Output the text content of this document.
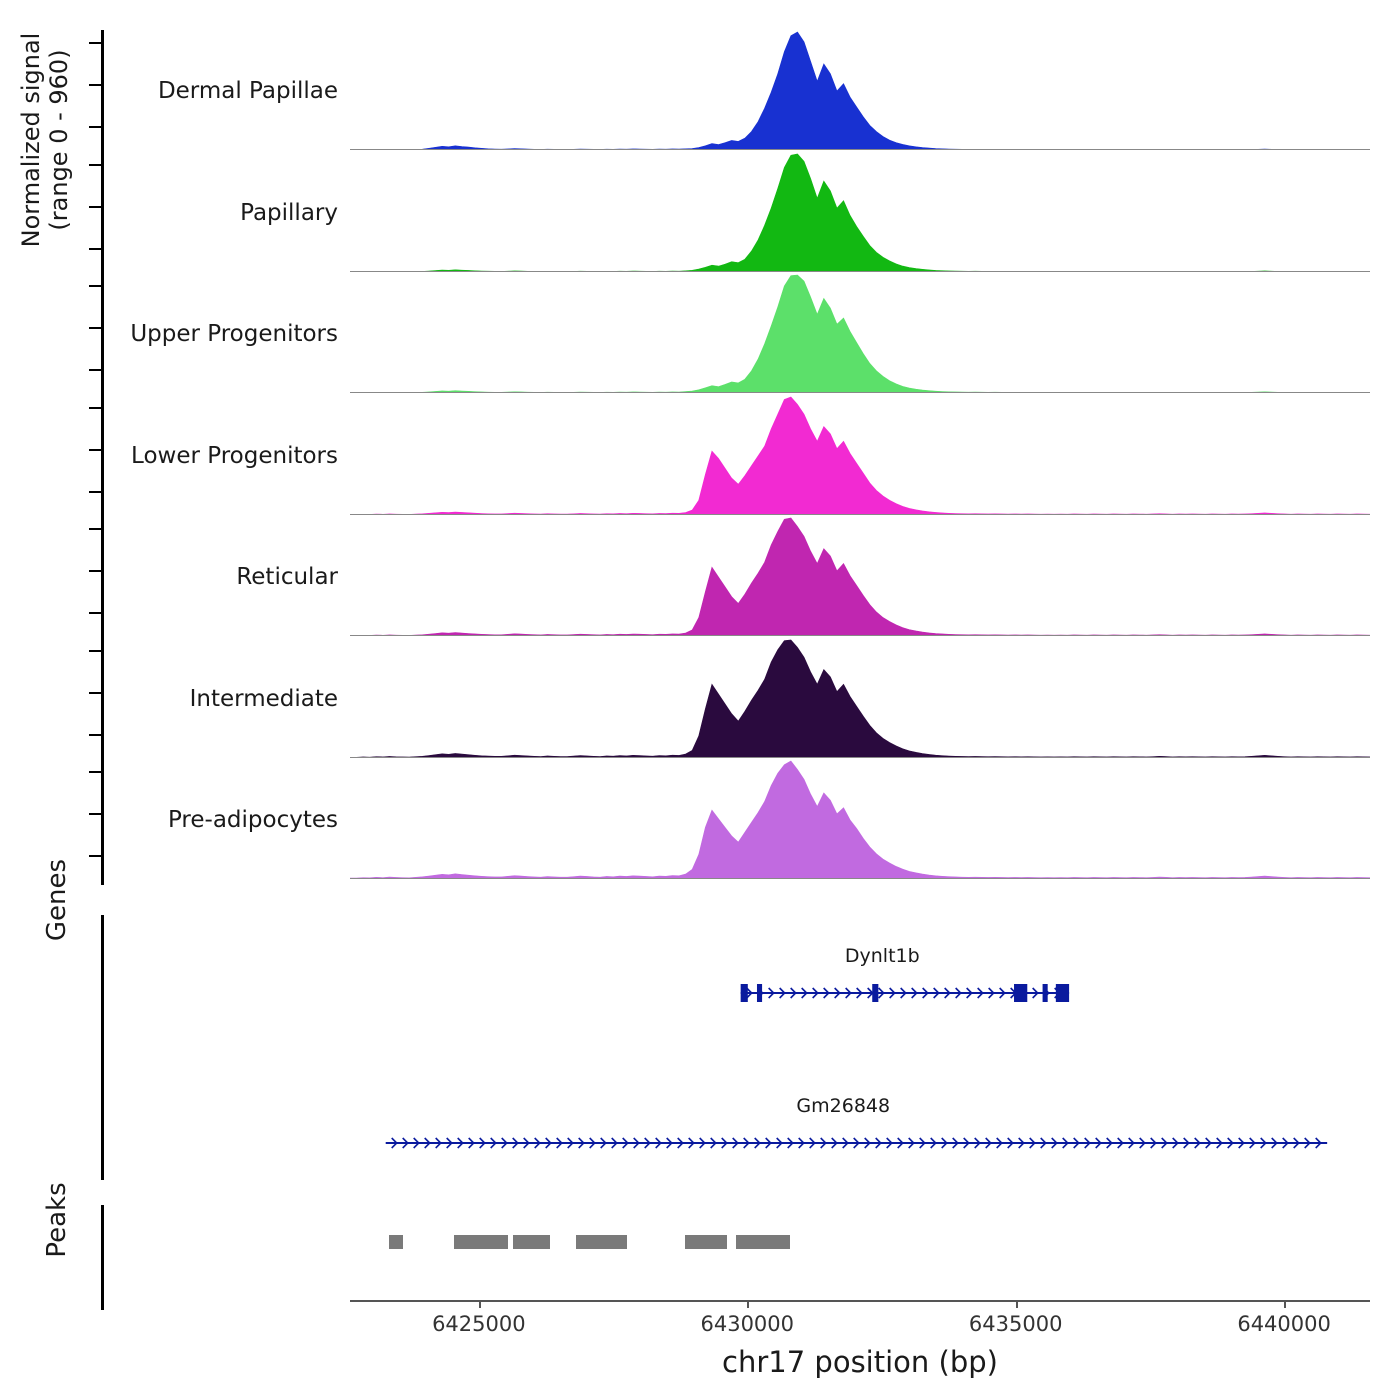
Normalized signal
(range 0 - 960)
Genes
Peaks
Dermal Papillae
Papillary
Upper Progenitors
Lower Progenitors
Reticular
Intermediate
Pre-adipocytes
Dynlt1b
Gm26848
6425000	6430000	6435000	6440000
chr17 position (bp)
